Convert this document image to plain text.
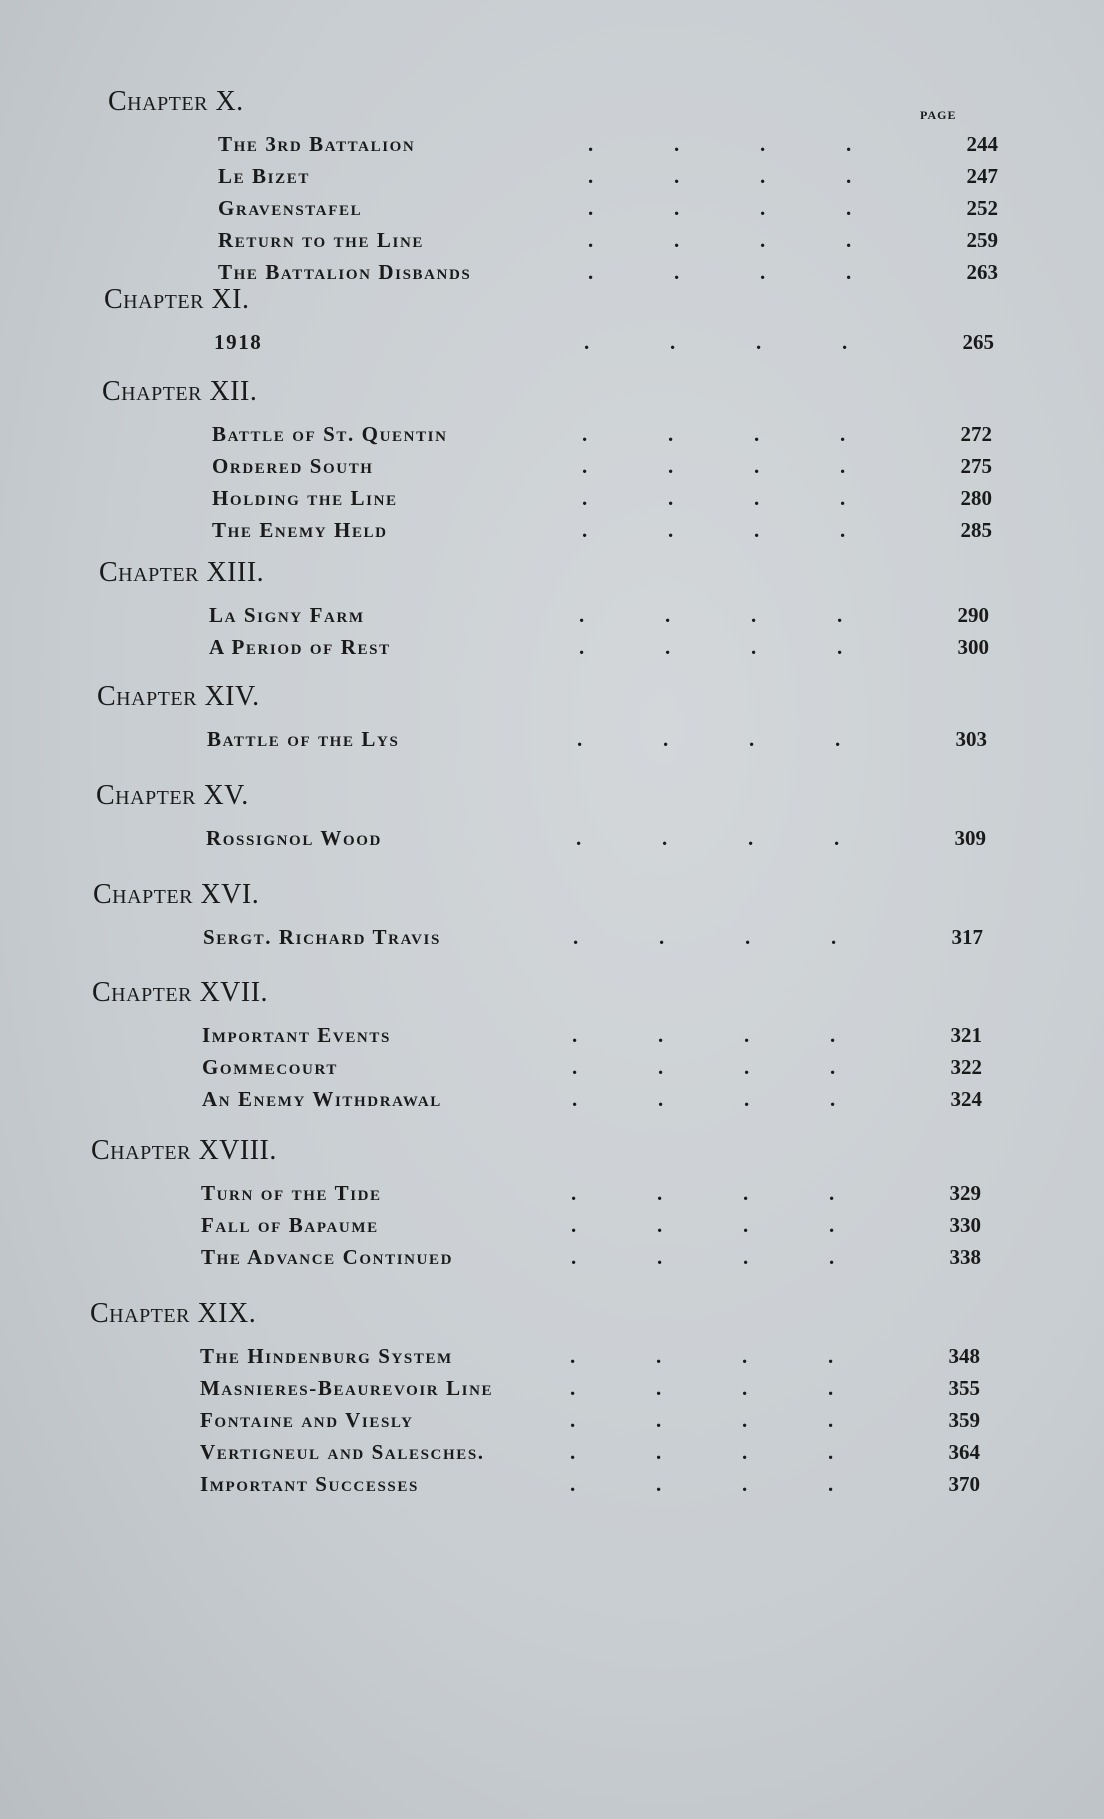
page
Chapter X.
The 3rd Battalion	.	.	.	.	244
Le Bizet	.	.	.	.	247
Gravenstafel	.	.	.	.	252
Return to the Line	.	.	.	.	259
The Battalion Disbands	.	.	.	.	263
Chapter XI.
1918	.	.	.	.	265
Chapter XII.
Battle of St. Quentin	.	.	.	.	272
Ordered South	.	.	.	.	275
Holding the Line	.	.	.	.	280
The Enemy Held	.	.	.	.	285
Chapter XIII.
La Signy Farm	.	.	.	.	290
A Period of Rest	.	.	.	.	300
Chapter XIV.
Battle of the Lys	.	.	.	.	303
Chapter XV.
Rossignol Wood	.	.	.	.	309
Chapter XVI.
Sergt. Richard Travis	.	.	.	.	317
Chapter XVII.
Important Events	.	.	.	.	321
Gommecourt	.	.	.	.	322
An Enemy Withdrawal	.	.	.	.	324
Chapter XVIII.
Turn of the Tide	.	.	.	.	329
Fall of Bapaume	.	.	.	.	330
The Advance Continued	.	.	.	.	338
Chapter XIX.
The Hindenburg System	.	.	.	.	348
Masnieres-Beaurevoir Line	.	.	.	.	355
Fontaine and Viesly	.	.	.	.	359
Vertigneul and Salesches.	.	.	.	.	364
Important Successes	.	.	.	.	370
